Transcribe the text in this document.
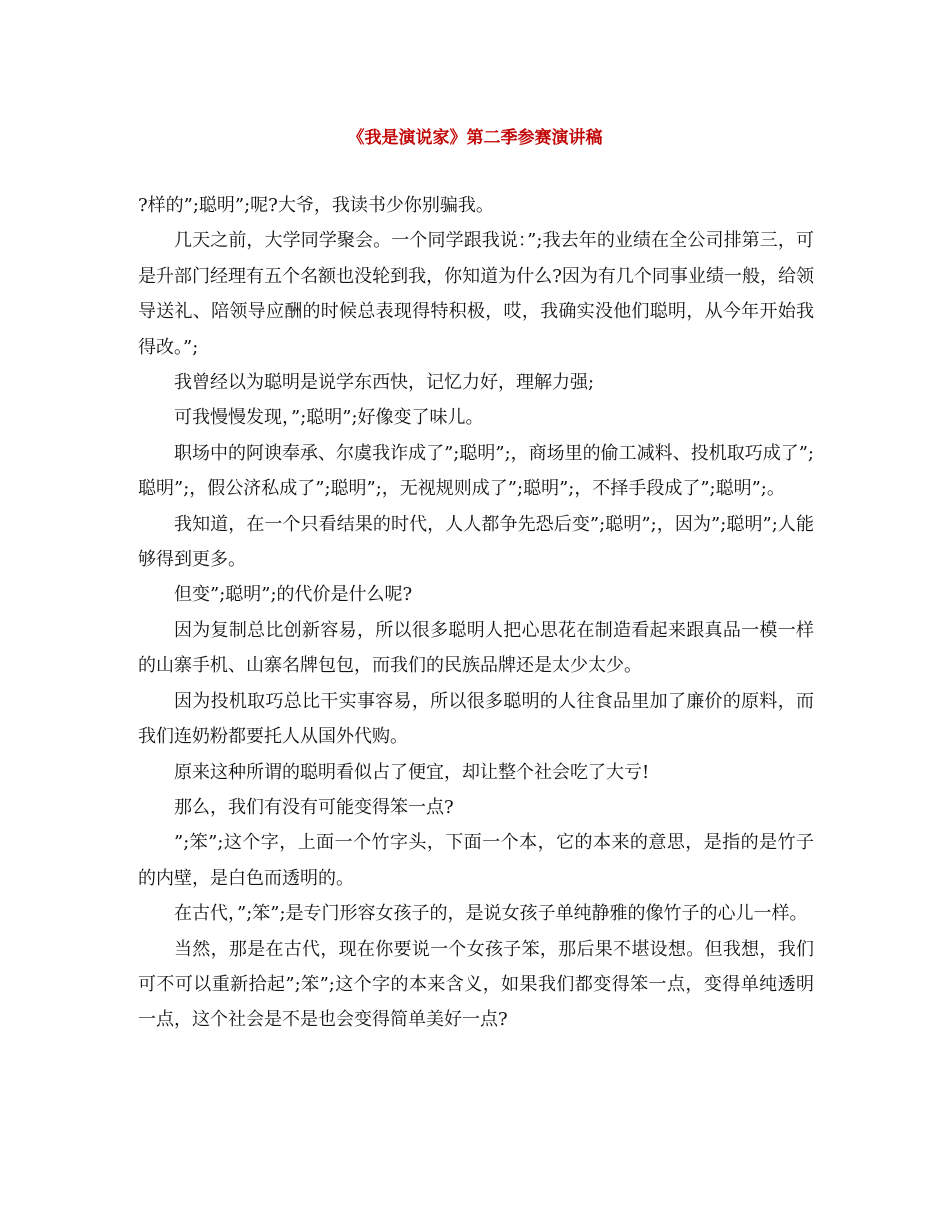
《我是演说家》第二季参赛演讲稿

?样的”;聪明”;呢?大爷，我读书少你别骗我。

几天之前，大学同学聚会。一个同学跟我说：”;我去年的业绩在全公司排第三，可是升部门经理有五个名额也没轮到我，你知道为什么?因为有几个同事业绩一般，给领导送礼、陪领导应酬的时候总表现得特积极，哎，我确实没他们聪明，从今年开始我得改。”;

我曾经以为聪明是说学东西快，记忆力好，理解力强;

可我慢慢发现，”;聪明”;好像变了味儿。

职场中的阿谀奉承、尔虞我诈成了”;聪明”;，商场里的偷工减料、投机取巧成了”;聪明”;，假公济私成了”;聪明”;，无视规则成了”;聪明”;，不择手段成了”;聪明”;。

我知道，在一个只看结果的时代，人人都争先恐后变”;聪明”;，因为”;聪明”;人能够得到更多。

但变”;聪明”;的代价是什么呢?

因为复制总比创新容易，所以很多聪明人把心思花在制造看起来跟真品一模一样的山寨手机、山寨名牌包包，而我们的民族品牌还是太少太少。

因为投机取巧总比干实事容易，所以很多聪明的人往食品里加了廉价的原料，而我们连奶粉都要托人从国外代购。

原来这种所谓的聪明看似占了便宜，却让整个社会吃了大亏!

那么，我们有没有可能变得笨一点?

”;笨”;这个字，上面一个竹字头，下面一个本，它的本来的意思，是指的是竹子的内壁，是白色而透明的。

在古代，”;笨”;是专门形容女孩子的，是说女孩子单纯静雅的像竹子的心儿一样。

当然，那是在古代，现在你要说一个女孩子笨，那后果不堪设想。但我想，我们可不可以重新拾起”;笨”;这个字的本来含义，如果我们都变得笨一点，变得单纯透明一点，这个社会是不是也会变得简单美好一点?
